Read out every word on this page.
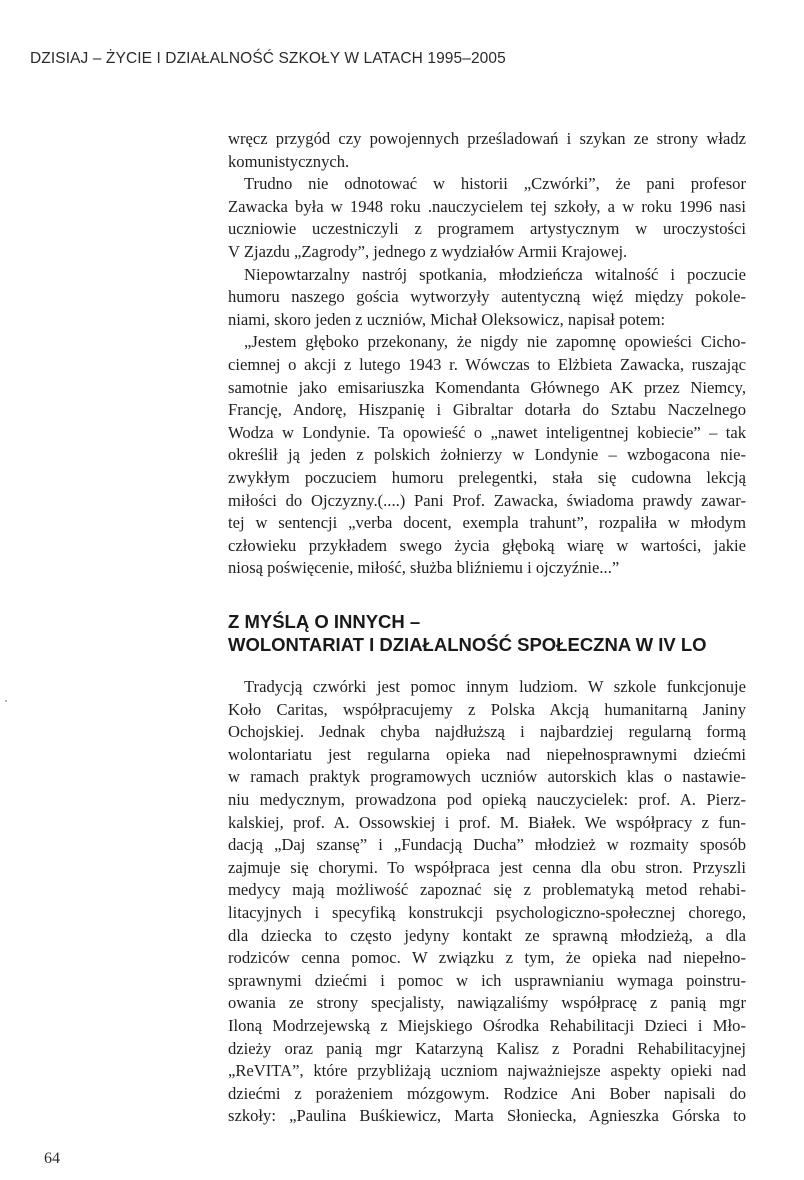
DZISIAJ – ŻYCIE I DZIAŁALNOŚĆ SZKOŁY W LATACH 1995–2005
wręcz przygód czy powojennych prześladowań i szykan ze strony władz
komunistycznych.
Trudno nie odnotować w historii „Czwórki”, że pani profesor
Zawacka była w 1948 roku .nauczycielem tej szkoły, a w roku 1996 nasi
uczniowie uczestniczyli z programem artystycznym w uroczystości
V Zjazdu „Zagrody”, jednego z wydziałów Armii Krajowej.
Niepowtarzalny nastrój spotkania, młodzieńcza witalność i poczucie
humoru naszego gościa wytworzyły autentyczną więź między pokole-
niami, skoro jeden z uczniów, Michał Oleksowicz, napisał potem:
„Jestem głęboko przekonany, że nigdy nie zapomnę opowieści Cicho-
ciemnej o akcji z lutego 1943 r. Wówczas to Elżbieta Zawacka, ruszając
samotnie jako emisariuszka Komendanta Głównego AK przez Niemcy,
Francję, Andorę, Hiszpanię i Gibraltar dotarła do Sztabu Naczelnego
Wodza w Londynie. Ta opowieść o „nawet inteligentnej kobiecie” – tak
określił ją jeden z polskich żołnierzy w Londynie – wzbogacona nie-
zwykłym poczuciem humoru prelegentki, stała się cudowna lekcją
miłości do Ojczyzny.(....) Pani Prof. Zawacka, świadoma prawdy zawar-
tej w sentencji „verba docent, exempla trahunt”, rozpaliła w młodym
człowieku przykładem swego życia głęboką wiarę w wartości, jakie
niosą poświęcenie, miłość, służba bliźniemu i ojczyźnie...”
Z MYŚLĄ O INNYCH –
WOLONTARIAT I DZIAŁALNOŚĆ SPOŁECZNA W IV LO
Tradycją czwórki jest pomoc innym ludziom. W szkole funkcjonuje
Koło Caritas, współpracujemy z Polska Akcją humanitarną Janiny
Ochojskiej. Jednak chyba najdłuższą i najbardziej regularną formą
wolontariatu jest regularna opieka nad niepełnosprawnymi dziećmi
w ramach praktyk programowych uczniów autorskich klas o nastawie-
niu medycznym, prowadzona pod opieką nauczycielek: prof. A. Pierz-
kalskiej, prof. A. Ossowskiej i prof. M. Białek. We współpracy z fun-
dacją „Daj szansę” i „Fundacją Ducha” młodzież w rozmaity sposób
zajmuje się chorymi. To współpraca jest cenna dla obu stron. Przyszli
medycy mają możliwość zapoznać się z problematyką metod rehabi-
litacyjnych i specyfiką konstrukcji psychologiczno-społecznej chorego,
dla dziecka to często jedyny kontakt ze sprawną młodzieżą, a dla
rodziców cenna pomoc. W związku z tym, że opieka nad niepełno-
sprawnymi dziećmi i pomoc w ich usprawnianiu wymaga poinstru-
owania ze strony specjalisty, nawiązaliśmy współpracę z panią mgr
Iloną Modrzejewską z Miejskiego Ośrodka Rehabilitacji Dzieci i Mło-
dzieży oraz panią mgr Katarzyną Kalisz z Poradni Rehabilitacyjnej
„ReVITA”, które przybliżają uczniom najważniejsze aspekty opieki nad
dziećmi z porażeniem mózgowym. Rodzice Ani Bober napisali do
szkoły: „Paulina Buśkiewicz, Marta Słoniecka, Agnieszka Górska to
64
